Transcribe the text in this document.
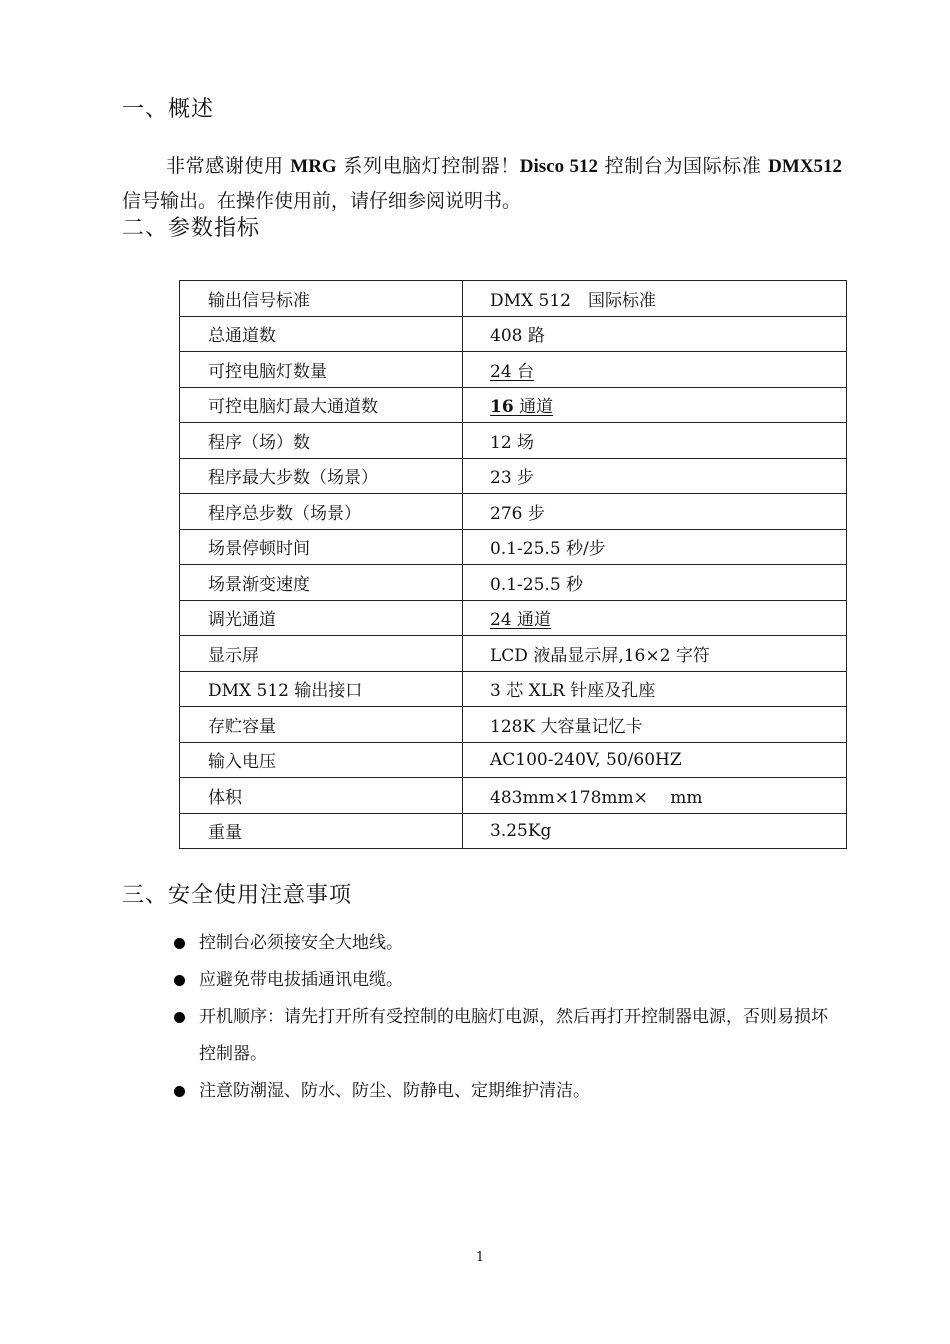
一、概述

非常感谢使用 MRG 系列电脑灯控制器！Disco 512 控制台为国际标准 DMX512 信号输出。在操作使用前，请仔细参阅说明书。

二、参数指标
输出信号标准	DMX 512　国际标准
总通道数	408 路
可控电脑灯数量	24 台
可控电脑灯最大通道数	16 通道
程序（场）数	12 场
程序最大步数（场景）	23 步
程序总步数（场景）	276 步
场景停顿时间	0.1-25.5 秒/步
场景渐变速度	0.1-25.5 秒
调光通道	24 通道
显示屏	LCD 液晶显示屏,16×2 字符
DMX 512 输出接口	3 芯 XLR 针座及孔座
存贮容量	128K 大容量记忆卡
输入电压	AC100-240V, 50/60HZ
体积	483mm×178mm×　 mm
重量	3.25Kg
三、安全使用注意事项
控制台必须接安全大地线。
应避免带电拔插通讯电缆。
开机顺序：请先打开所有受控制的电脑灯电源，然后再打开控制器电源，否则易损坏控制器。
注意防潮湿、防水、防尘、防静电、定期维护清洁。
1
